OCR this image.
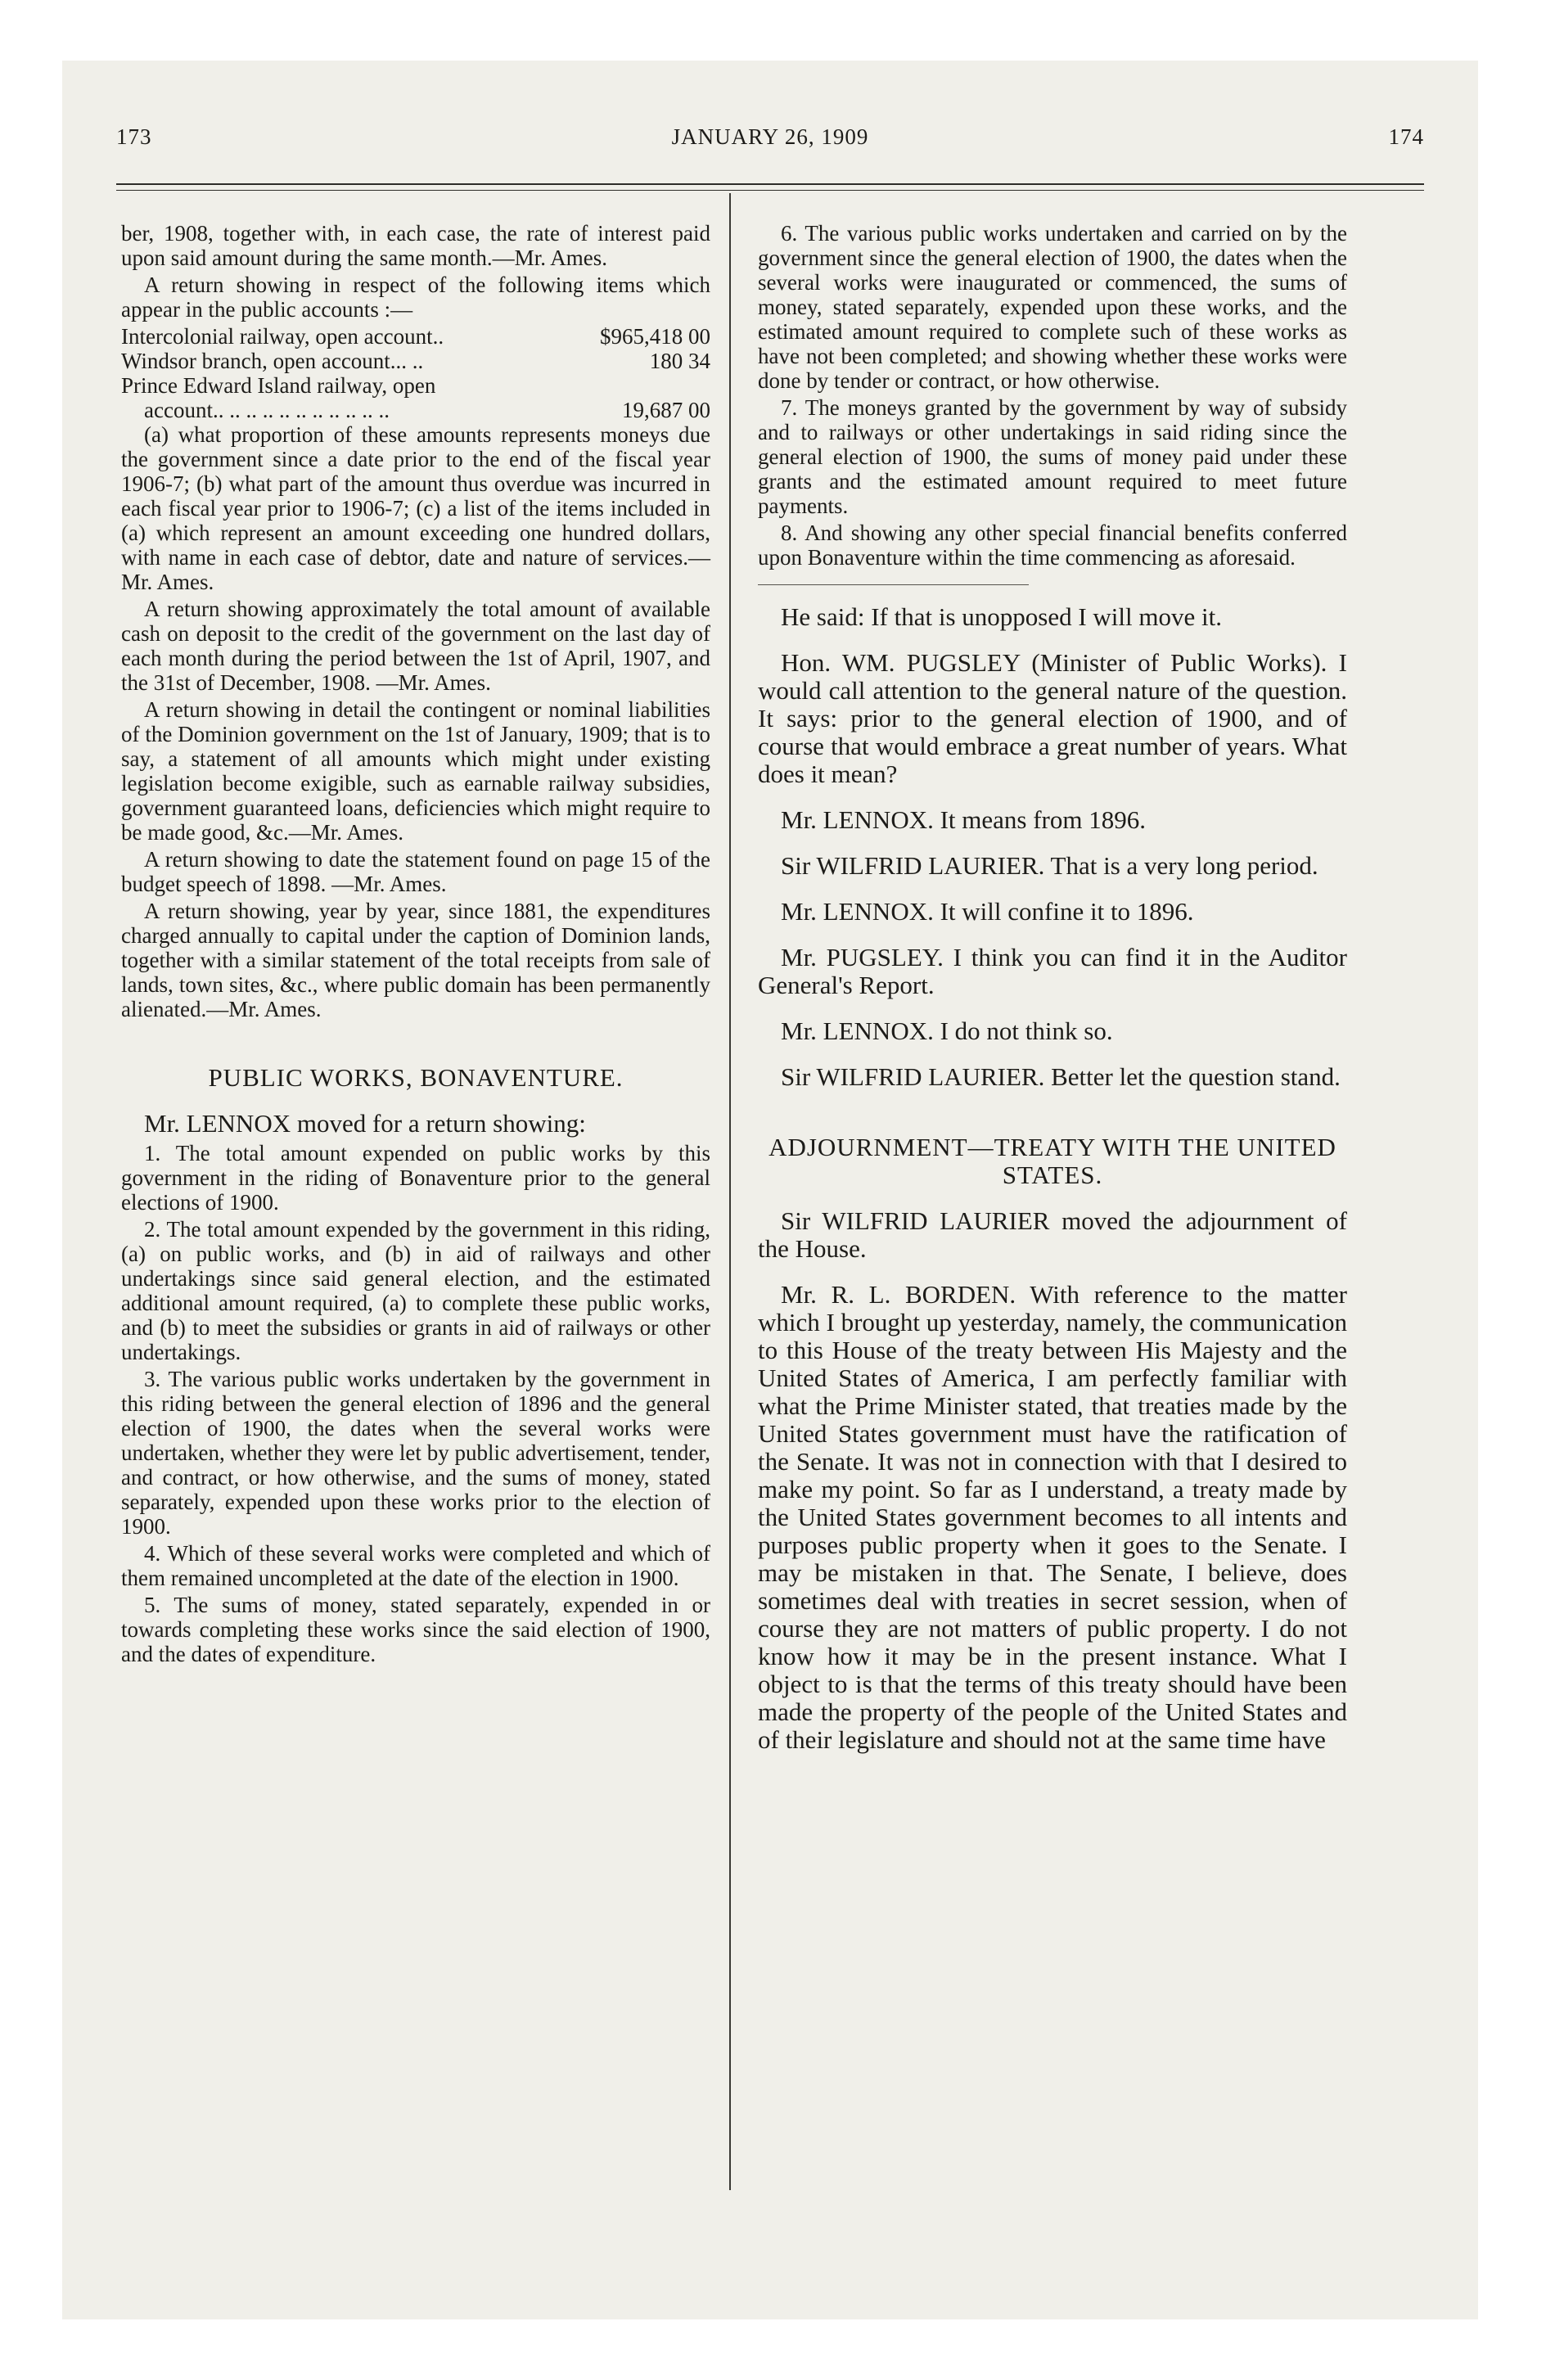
173	JANUARY 26, 1909	174

ber, 1908, together with, in each case, the rate of interest paid upon said amount during the same month.—Mr. Ames.

A return showing in respect of the following items which appear in the public accounts :—

Intercolonial railway, open account..	$965,418 00
Windsor branch, open account... ..	180 34
Prince Edward Island railway, open
account.. .. .. .. .. .. .. .. .. .. ..	19,687 00

(a) what proportion of these amounts represents moneys due the government since a date prior to the end of the fiscal year 1906-7; (b) what part of the amount thus overdue was incurred in each fiscal year prior to 1906-7; (c) a list of the items included in (a) which represent an amount exceeding one hundred dollars, with name in each case of debtor, date and nature of services.—Mr. Ames.

A return showing approximately the total amount of available cash on deposit to the credit of the government on the last day of each month during the period between the 1st of April, 1907, and the 31st of December, 1908. —Mr. Ames.

A return showing in detail the contingent or nominal liabilities of the Dominion government on the 1st of January, 1909; that is to say, a statement of all amounts which might under existing legislation become exigible, such as earnable railway subsidies, government guaranteed loans, deficiencies which might require to be made good, &c.—Mr. Ames.

A return showing to date the statement found on page 15 of the budget speech of 1898. —Mr. Ames.

A return showing, year by year, since 1881, the expenditures charged annually to capital under the caption of Dominion lands, together with a similar statement of the total receipts from sale of lands, town sites, &c., where public domain has been permanently alienated.—Mr. Ames.

PUBLIC WORKS, BONAVENTURE.

Mr. LENNOX moved for a return showing:

1. The total amount expended on public works by this government in the riding of Bonaventure prior to the general elections of 1900.

2. The total amount expended by the government in this riding, (a) on public works, and (b) in aid of railways and other undertakings since said general election, and the estimated additional amount required, (a) to complete these public works, and (b) to meet the subsidies or grants in aid of railways or other undertakings.

3. The various public works undertaken by the government in this riding between the general election of 1896 and the general election of 1900, the dates when the several works were undertaken, whether they were let by public advertisement, tender, and contract, or how otherwise, and the sums of money, stated separately, expended upon these works prior to the election of 1900.

4. Which of these several works were completed and which of them remained uncompleted at the date of the election in 1900.

5. The sums of money, stated separately, expended in or towards completing these works since the said election of 1900, and the dates of expenditure.

6. The various public works undertaken and carried on by the government since the general election of 1900, the dates when the several works were inaugurated or commenced, the sums of money, stated separately, expended upon these works, and the estimated amount required to complete such of these works as have not been completed; and showing whether these works were done by tender or contract, or how otherwise.

7. The moneys granted by the government by way of subsidy and to railways or other undertakings in said riding since the general election of 1900, the sums of money paid under these grants and the estimated amount required to meet future payments.

8. And showing any other special financial benefits conferred upon Bonaventure within the time commencing as aforesaid.

He said: If that is unopposed I will move it.

Hon. WM. PUGSLEY (Minister of Public Works). I would call attention to the general nature of the question. It says: prior to the general election of 1900, and of course that would embrace a great number of years. What does it mean?

Mr. LENNOX. It means from 1896.

Sir WILFRID LAURIER. That is a very long period.

Mr. LENNOX. It will confine it to 1896.

Mr. PUGSLEY. I think you can find it in the Auditor General's Report.

Mr. LENNOX. I do not think so.

Sir WILFRID LAURIER. Better let the question stand.

ADJOURNMENT—TREATY WITH THE UNITED STATES.

Sir WILFRID LAURIER moved the adjournment of the House.

Mr. R. L. BORDEN. With reference to the matter which I brought up yesterday, namely, the communication to this House of the treaty between His Majesty and the United States of America, I am perfectly familiar with what the Prime Minister stated, that treaties made by the United States government must have the ratification of the Senate. It was not in connection with that I desired to make my point. So far as I understand, a treaty made by the United States government becomes to all intents and purposes public property when it goes to the Senate. I may be mistaken in that. The Senate, I believe, does sometimes deal with treaties in secret session, when of course they are not matters of public property. I do not know how it may be in the present instance. What I object to is that the terms of this treaty should have been made the property of the people of the United States and of their legislature and should not at the same time have
